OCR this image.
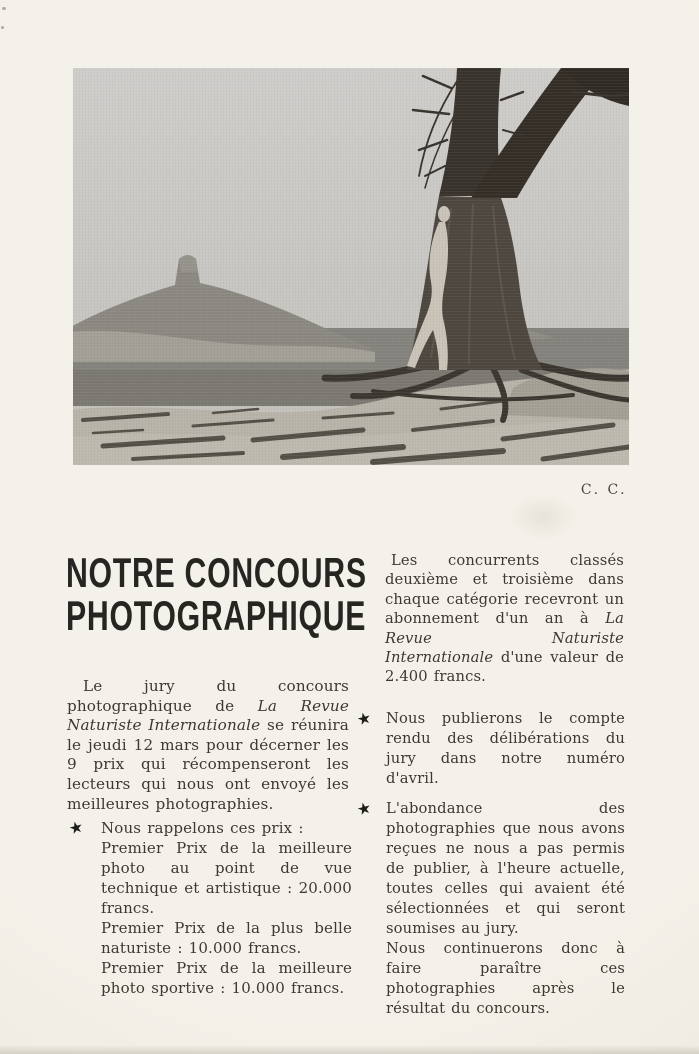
C. C.
NOTRE CONCOURS
PHOTOGRAPHIQUE

Le jury du concours photographique de La Revue Naturiste Internationale se réunira le jeudi 12 mars pour décerner les 9 prix qui récompenseront les lecteurs qui nous ont envoyé les meilleures photographies.

★ Nous rappelons ces prix :

Premier Prix de la meilleure photo au point de vue technique et artistique : 20.000 francs.

Premier Prix de la plus belle naturiste : 10.000 francs.

Premier Prix de la meilleure photo sportive : 10.000 francs.

Les concurrents classés deuxième et troisième dans chaque catégorie recevront un abonnement d'un an à La Revue Naturiste Internationale d'une valeur de 2.400 francs.

★ Nous publierons le compte rendu des délibérations du jury dans notre numéro d'avril.

★ L'abondance des photographies que nous avons reçues ne nous a pas permis de publier, à l'heure actuelle, toutes celles qui avaient été sélectionnées et qui seront soumises au jury.

Nous continuerons donc à faire paraître ces photographies après le résultat du concours.
